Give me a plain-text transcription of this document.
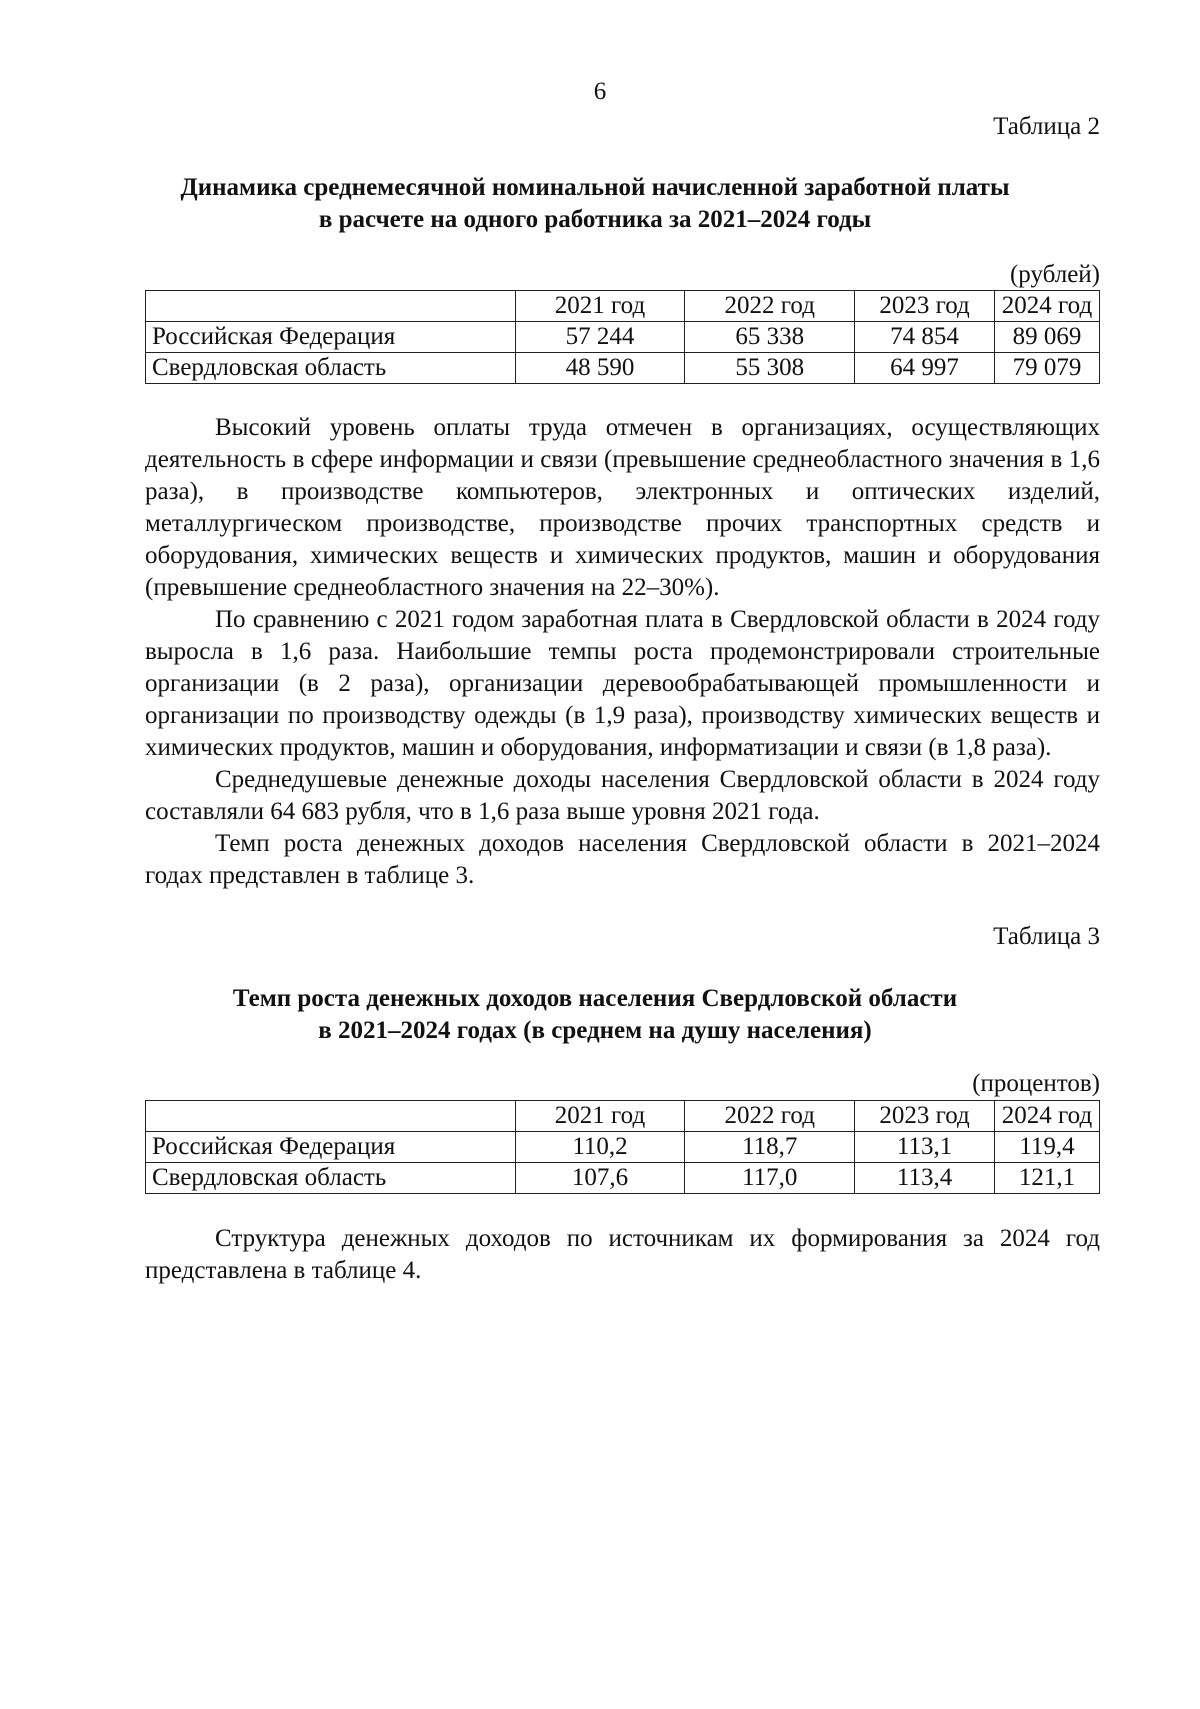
6
Таблица 2
Динамика среднемесячной номинальной начисленной заработной платы
в расчете на одного работника за 2021–2024 годы
(рублей)
	2021 год	2022 год	2023 год	2024 год
Российская Федерация	57 244	65 338	74 854	89 069
Свердловская область	48 590	55 308	64 997	79 079

Высокий уровень оплаты труда отмечен в организациях, осуществляющих деятельность в сфере информации и связи (превышение среднеобластного значения в 1,6 раза), в производстве компьютеров, электронных и оптических изделий, металлургическом производстве, производстве прочих транспортных средств и оборудования, химических веществ и химических продуктов, машин и оборудования (превышение среднеобластного значения на 22–30%).

По сравнению с 2021 годом заработная плата в Свердловской области в 2024 году выросла в 1,6 раза. Наибольшие темпы роста продемонстрировали строительные организации (в 2 раза), организации деревообрабатывающей промышленности и организации по производству одежды (в 1,9 раза), производству химических веществ и химических продуктов, машин и оборудования, информатизации и связи (в 1,8 раза).

Среднедушевые денежные доходы населения Свердловской области в 2024 году составляли 64 683 рубля, что в 1,6 раза выше уровня 2021 года.

Темп роста денежных доходов населения Свердловской области в 2021–2024 годах представлен в таблице 3.

Таблица 3
Темп роста денежных доходов населения Свердловской области
в 2021–2024 годах (в среднем на душу населения)
(процентов)
	2021 год	2022 год	2023 год	2024 год
Российская Федерация	110,2	118,7	113,1	119,4
Свердловская область	107,6	117,0	113,4	121,1

Структура денежных доходов по источникам их формирования за 2024 год представлена в таблице 4.
